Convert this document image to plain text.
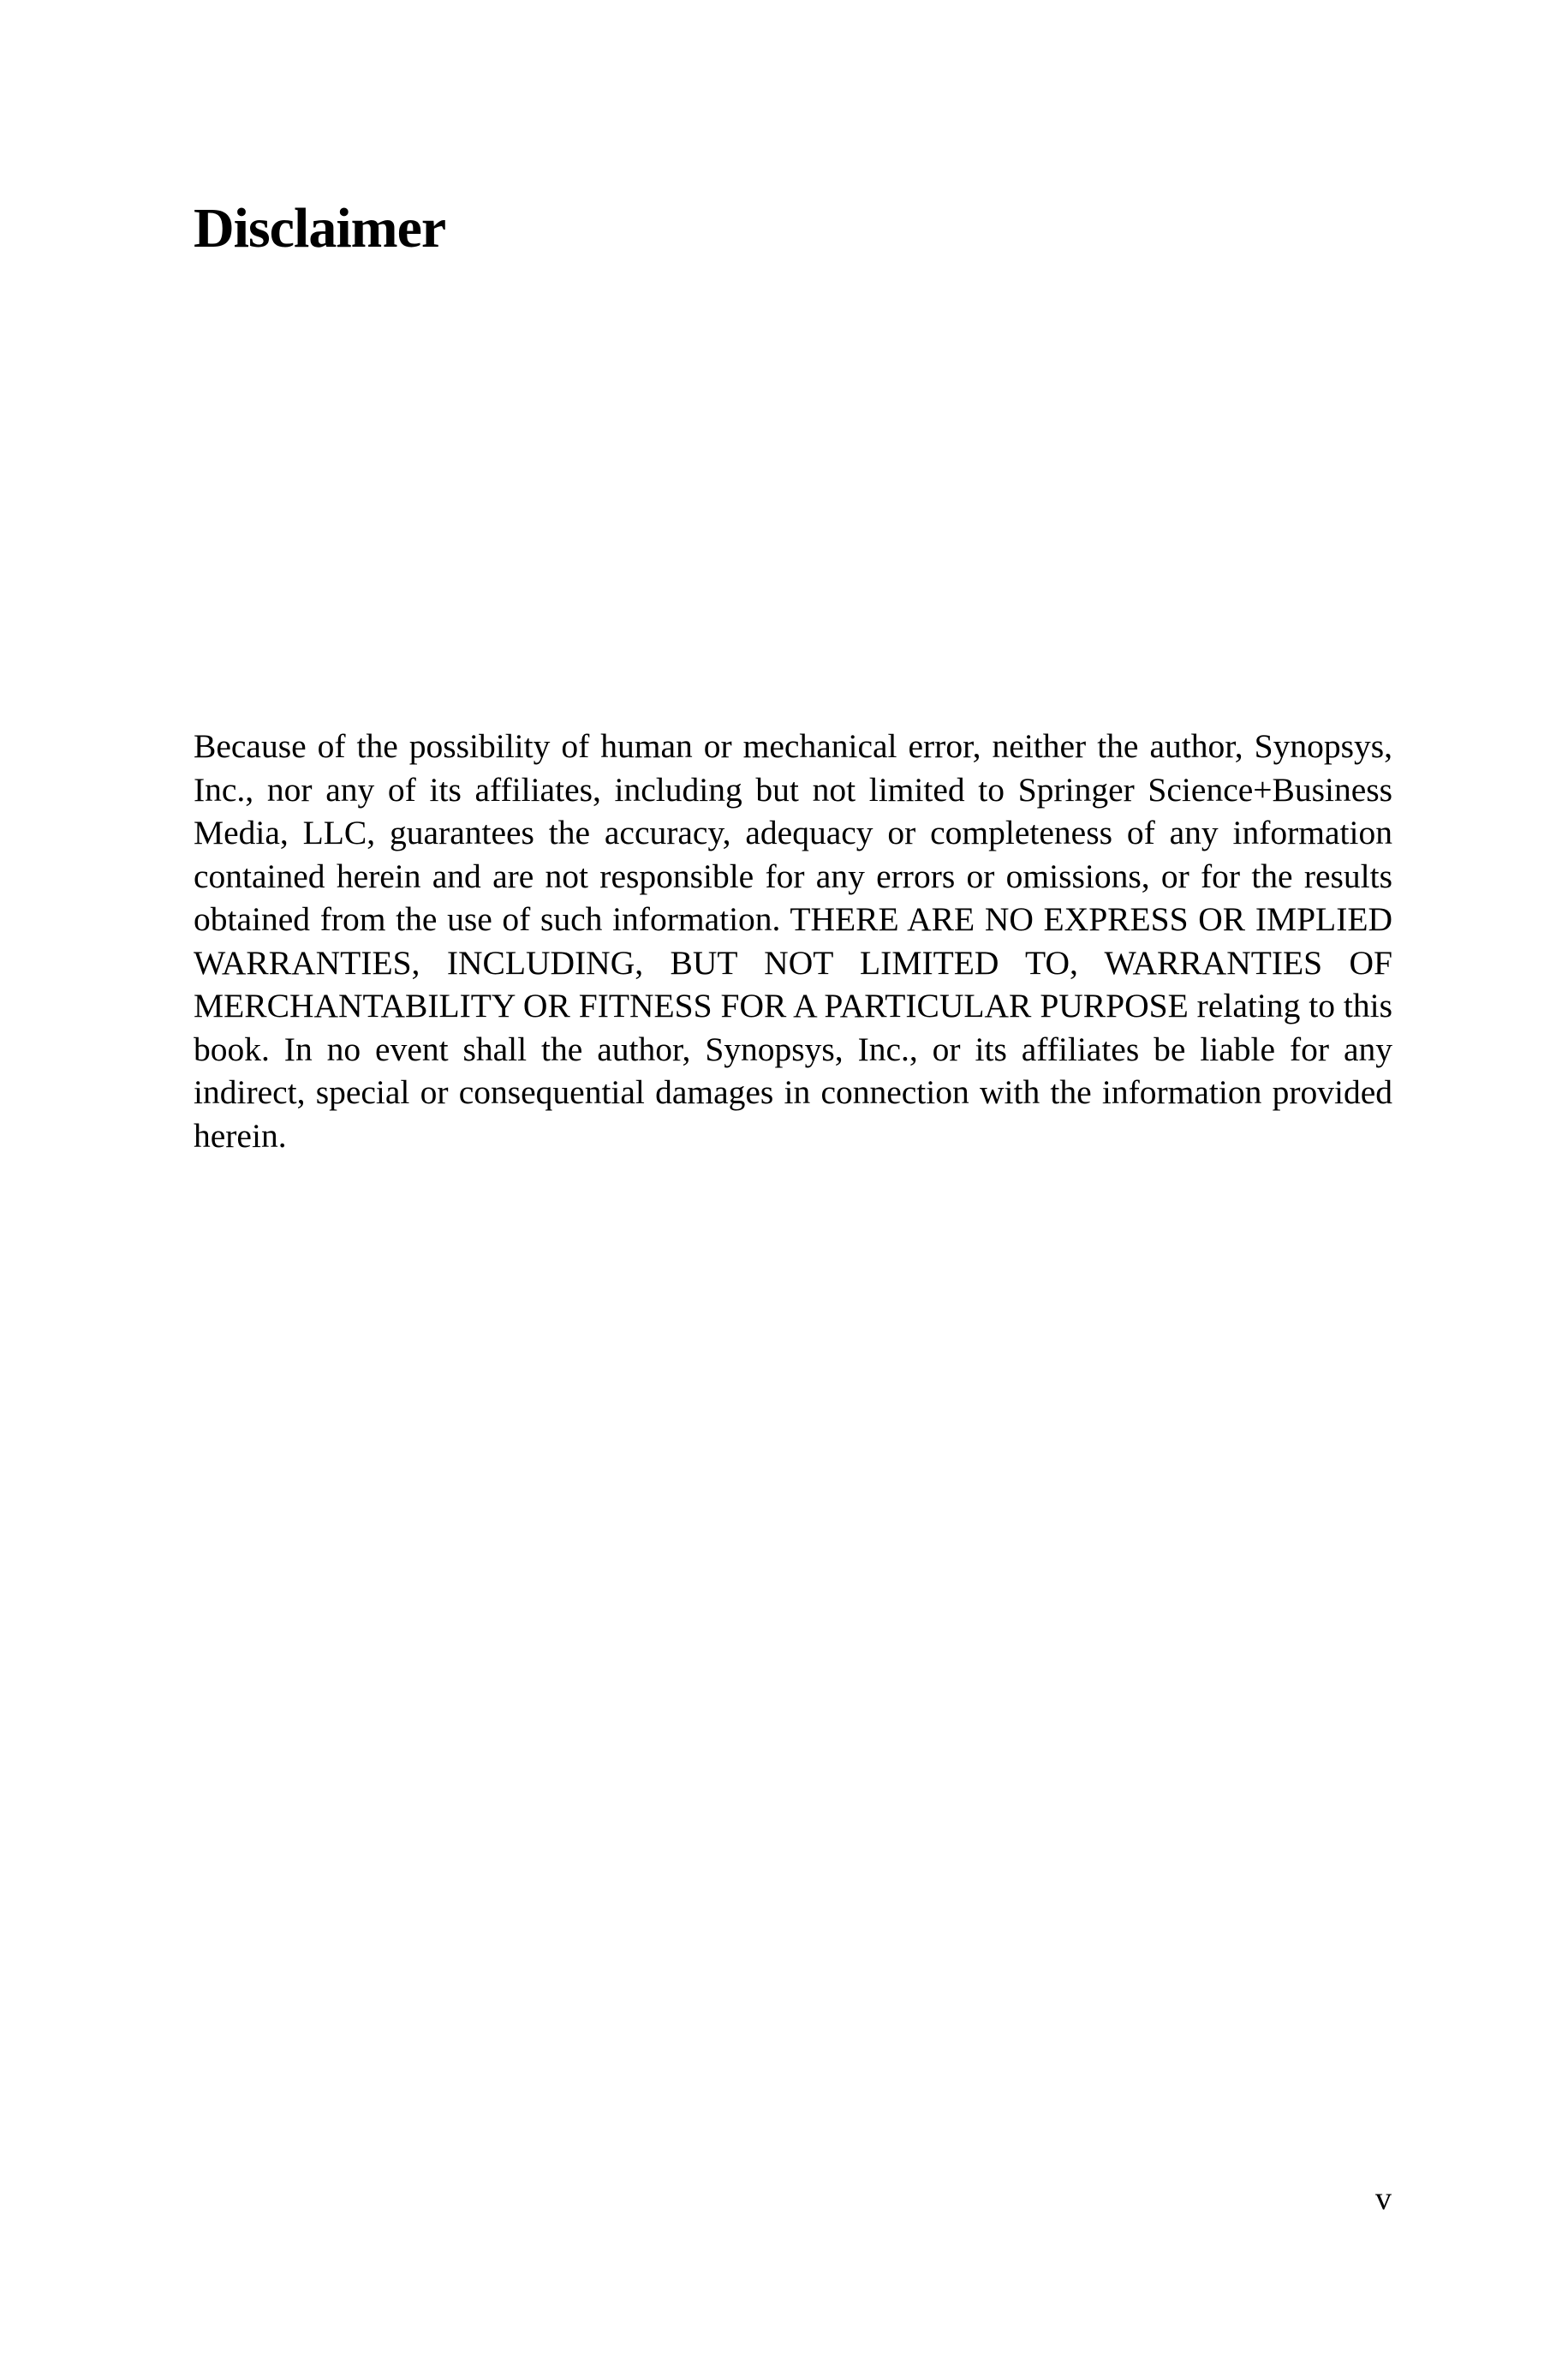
Disclaimer

Because of the possibility of human or mechanical error, neither the author, Synopsys, Inc., nor any of its affiliates, including but not limited to Springer Science+Business Media, LLC, guarantees the accuracy, adequacy or completeness of any information contained herein and are not responsible for any errors or omissions, or for the results obtained from the use of such information. THERE ARE NO EXPRESS OR IMPLIED WARRANTIES, INCLUDING, BUT NOT LIMITED TO, WARRANTIES OF MERCHANTABILITY OR FITNESS FOR A PARTICULAR PURPOSE relating to this book. In no event shall the author, Synopsys, Inc., or its affiliates be liable for any indirect, special or consequential damages in connection with the information provided herein.

v
